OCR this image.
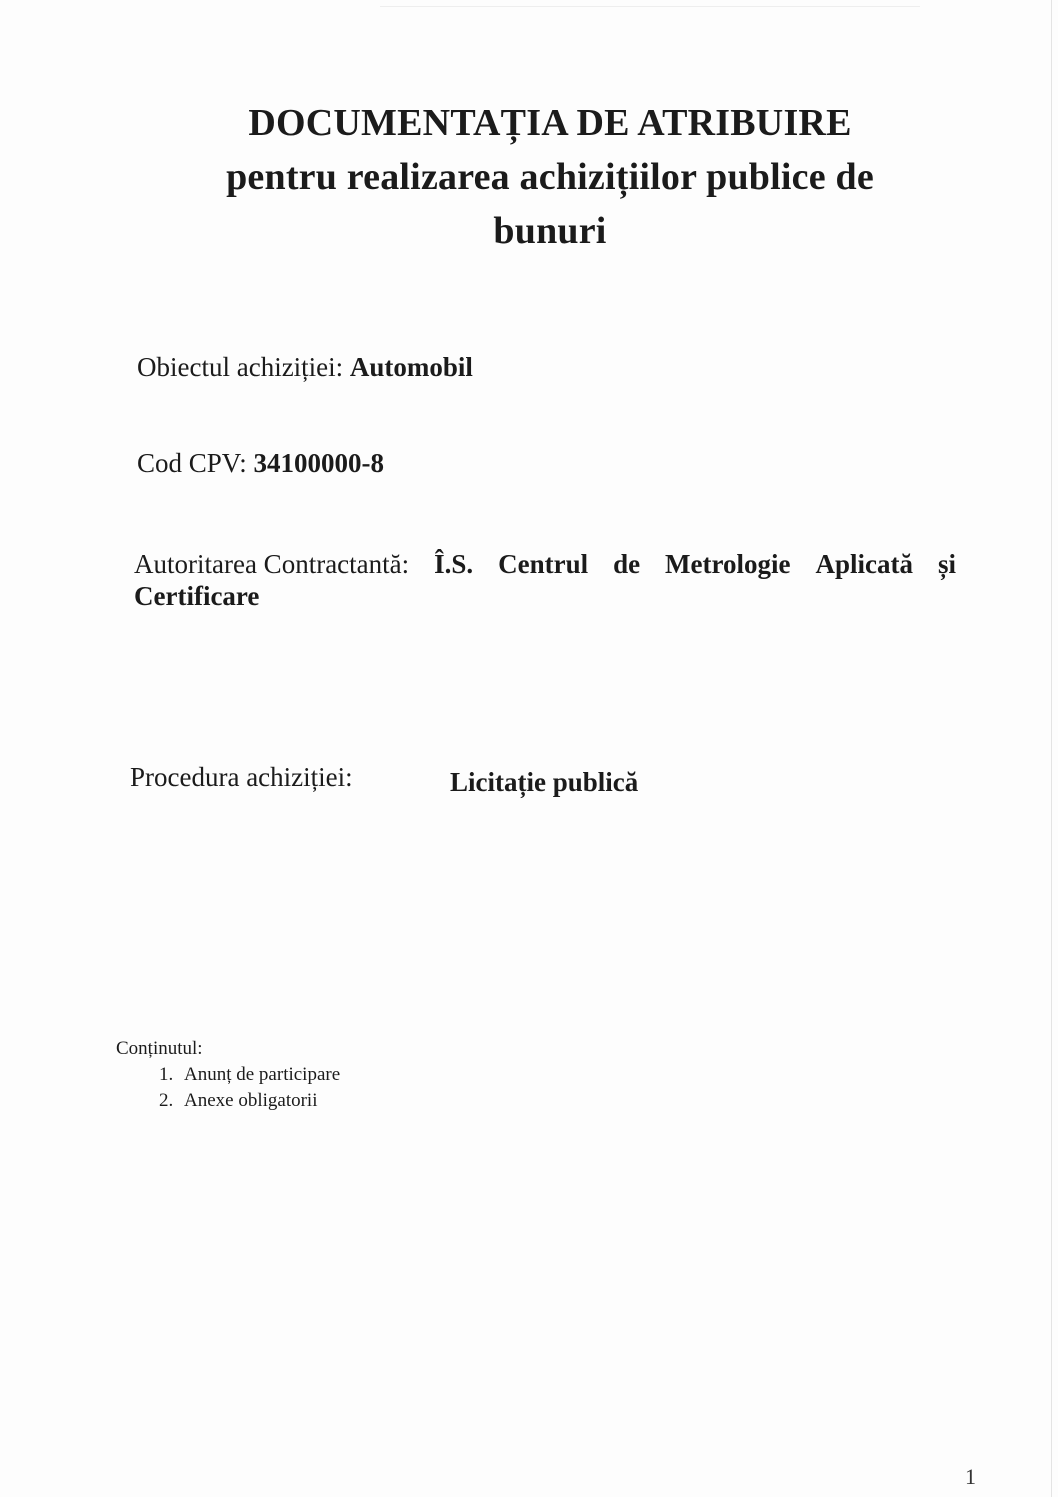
DOCUMENTAȚIA DE ATRIBUIRE
pentru realizarea achizițiilor publice de
bunuri
Obiectul achiziției: Automobil
Cod CPV: 34100000-8
Autoritarea Contractantă: Î.S. Centrul de Metrologie Aplicată și
Certificare
Procedura achiziției:	Licitație publică
Conținutul:
1. Anunț de participare
2. Anexe obligatorii
1
